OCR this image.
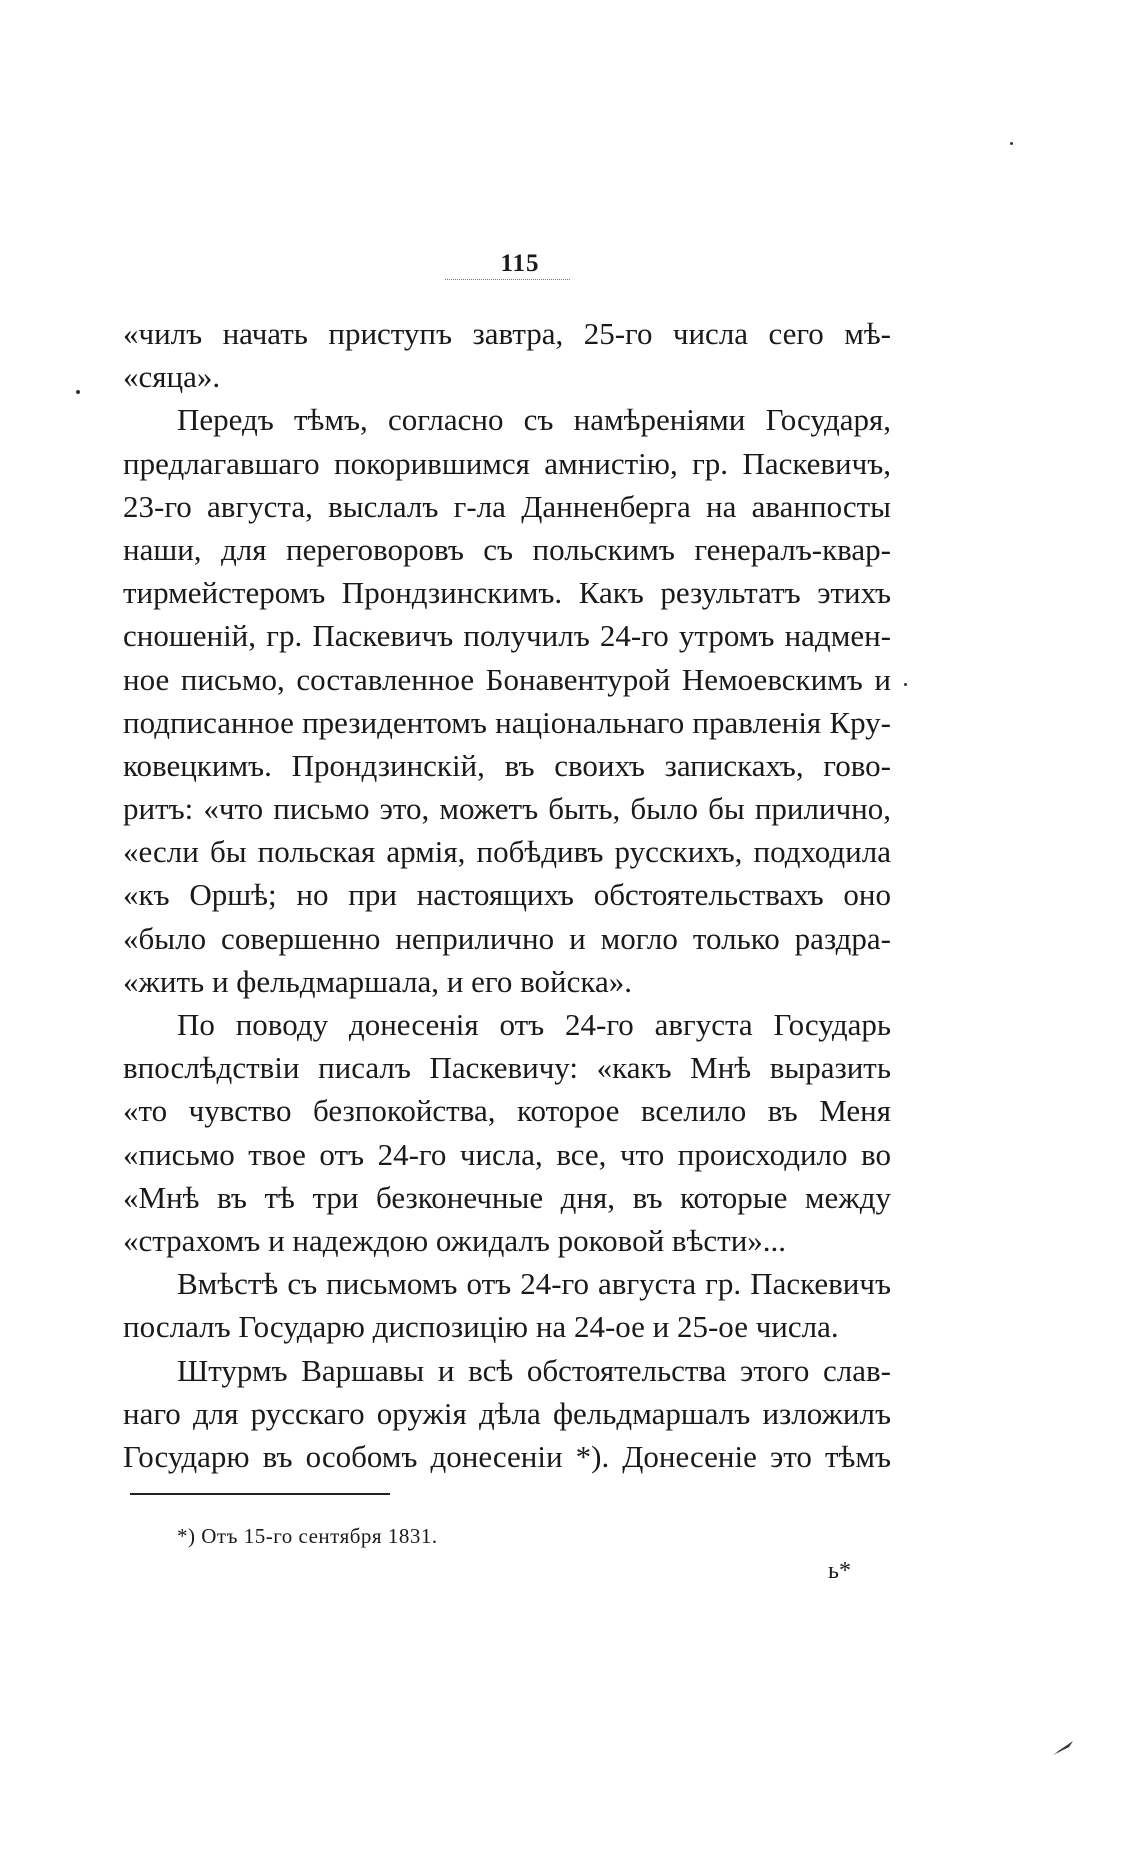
115
«чилъ начать приступъ завтра, 25-го числа сего мѣ-
«сяца».
Передъ тѣмъ, согласно съ намѣреніями Государя,
предлагавшаго покорившимся амнистію, гр. Паскевичъ,
23-го августа, выслалъ г-ла Данненберга на аванпосты
наши, для переговоровъ съ польскимъ генералъ-квар-
тирмейстеромъ Прондзинскимъ. Какъ результатъ этихъ
сношеній, гр. Паскевичъ получилъ 24-го утромъ надмен-
ное письмо, составленное Бонавентурой Немоевскимъ и
подписанное президентомъ національнаго правленія Кру-
ковецкимъ. Прондзинскій, въ своихъ запискахъ, гово-
ритъ: «что письмо это, можетъ быть, было бы прилично,
«если бы польская армія, побѣдивъ русскихъ, подходила
«къ Оршѣ; но при настоящихъ обстоятельствахъ оно
«было совершенно неприлично и могло только раздра-
«жить и фельдмаршала, и его войска».
По поводу донесенія отъ 24-го августа Государь
впослѣдствіи писалъ Паскевичу: «какъ Мнѣ выразить
«то чувство безпокойства, которое вселило въ Меня
«письмо твое отъ 24-го числа, все, что происходило во
«Мнѣ въ тѣ три безконечные дня, въ которые между
«страхомъ и надеждою ожидалъ роковой вѣсти»...
Вмѣстѣ съ письмомъ отъ 24-го августа гр. Паскевичъ
послалъ Государю диспозицію на 24-ое и 25-ое числа.
Штурмъ Варшавы и всѣ обстоятельства этого слав-
наго для русскаго оружія дѣла фельдмаршалъ изложилъ
Государю въ особомъ донесеніи *). Донесеніе это тѣмъ
*) Отъ 15-го сентября 1831.
ь*
